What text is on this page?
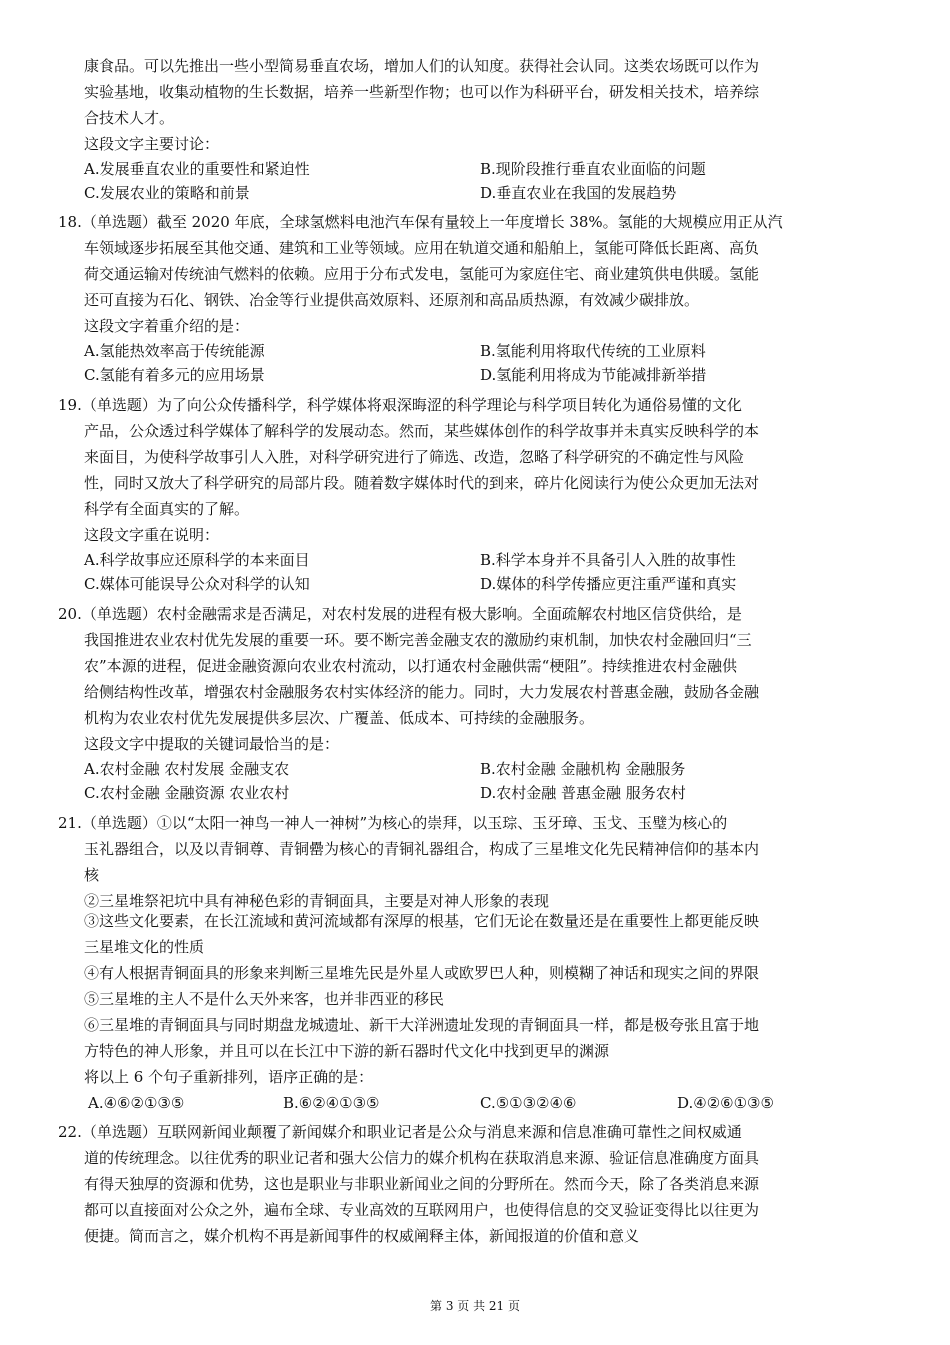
康食品。可以先推出一些小型简易垂直农场，增加人们的认知度。获得社会认同。这类农场既可以作为
实验基地，收集动植物的生长数据，培养一些新型作物；也可以作为科研平台，研发相关技术，培养综
合技术人才。
这段文字主要讨论：
A.发展垂直农业的重要性和紧迫性	B.现阶段推行垂直农业面临的问题
C.发展农业的策略和前景	D.垂直农业在我国的发展趋势
18.（单选题）截至 2020 年底，全球氢燃料电池汽车保有量较上一年度增长 38%。氢能的大规模应用正从汽
车领域逐步拓展至其他交通、建筑和工业等领域。应用在轨道交通和船舶上，氢能可降低长距离、高负
荷交通运输对传统油气燃料的依赖。应用于分布式发电，氢能可为家庭住宅、商业建筑供电供暖。氢能
还可直接为石化、钢铁、冶金等行业提供高效原料、还原剂和高品质热源，有效减少碳排放。
这段文字着重介绍的是：
A.氢能热效率高于传统能源	B.氢能利用将取代传统的工业原料
C.氢能有着多元的应用场景	D.氢能利用将成为节能减排新举措
19.（单选题）为了向公众传播科学，科学媒体将艰深晦涩的科学理论与科学项目转化为通俗易懂的文化
产品，公众透过科学媒体了解科学的发展动态。然而，某些媒体创作的科学故事并未真实反映科学的本
来面目，为使科学故事引人入胜，对科学研究进行了筛选、改造，忽略了科学研究的不确定性与风险
性，同时又放大了科学研究的局部片段。随着数字媒体时代的到来，碎片化阅读行为使公众更加无法对
科学有全面真实的了解。
这段文字重在说明：
A.科学故事应还原科学的本来面目	B.科学本身并不具备引人入胜的故事性
C.媒体可能误导公众对科学的认知	D.媒体的科学传播应更注重严谨和真实
20.（单选题）农村金融需求是否满足，对农村发展的进程有极大影响。全面疏解农村地区信贷供给，是
我国推进农业农村优先发展的重要一环。要不断完善金融支农的激励约束机制，加快农村金融回归“三
农”本源的进程，促进金融资源向农业农村流动，以打通农村金融供需“梗阻”。持续推进农村金融供
给侧结构性改革，增强农村金融服务农村实体经济的能力。同时，大力发展农村普惠金融，鼓励各金融
机构为农业农村优先发展提供多层次、广覆盖、低成本、可持续的金融服务。
这段文字中提取的关键词最恰当的是：
A.农村金融 农村发展 金融支农	B.农村金融 金融机构 金融服务
C.农村金融 金融资源 农业农村	D.农村金融 普惠金融 服务农村
21.（单选题）①以“太阳一神鸟一神人一神树”为核心的崇拜，以玉琮、玉牙璋、玉戈、玉璧为核心的
玉礼器组合，以及以青铜尊、青铜罍为核心的青铜礼器组合，构成了三星堆文化先民精神信仰的基本内
核
②三星堆祭祀坑中具有神秘色彩的青铜面具，主要是对神人形象的表现
③这些文化要素，在长江流域和黄河流域都有深厚的根基，它们无论在数量还是在重要性上都更能反映
三星堆文化的性质
④有人根据青铜面具的形象来判断三星堆先民是外星人或欧罗巴人种，则模糊了神话和现实之间的界限
⑤三星堆的主人不是什么天外来客，也并非西亚的移民
⑥三星堆的青铜面具与同时期盘龙城遗址、新干大洋洲遗址发现的青铜面具一样，都是极夸张且富于地
方特色的神人形象，并且可以在长江中下游的新石器时代文化中找到更早的渊源
将以上 6 个句子重新排列，语序正确的是：
A.④⑥②①③⑤	B.⑥②④①③⑤	C.⑤①③②④⑥	D.④②⑥①③⑤
22.（单选题）互联网新闻业颠覆了新闻媒介和职业记者是公众与消息来源和信息准确可靠性之间权威通
道的传统理念。以往优秀的职业记者和强大公信力的媒介机构在获取消息来源、验证信息准确度方面具
有得天独厚的资源和优势，这也是职业与非职业新闻业之间的分野所在。然而今天，除了各类消息来源
都可以直接面对公众之外，遍布全球、专业高效的互联网用户，也使得信息的交叉验证变得比以往更为
便捷。简而言之，媒介机构不再是新闻事件的权威阐释主体，新闻报道的价值和意义
第 3 页 共 21 页
